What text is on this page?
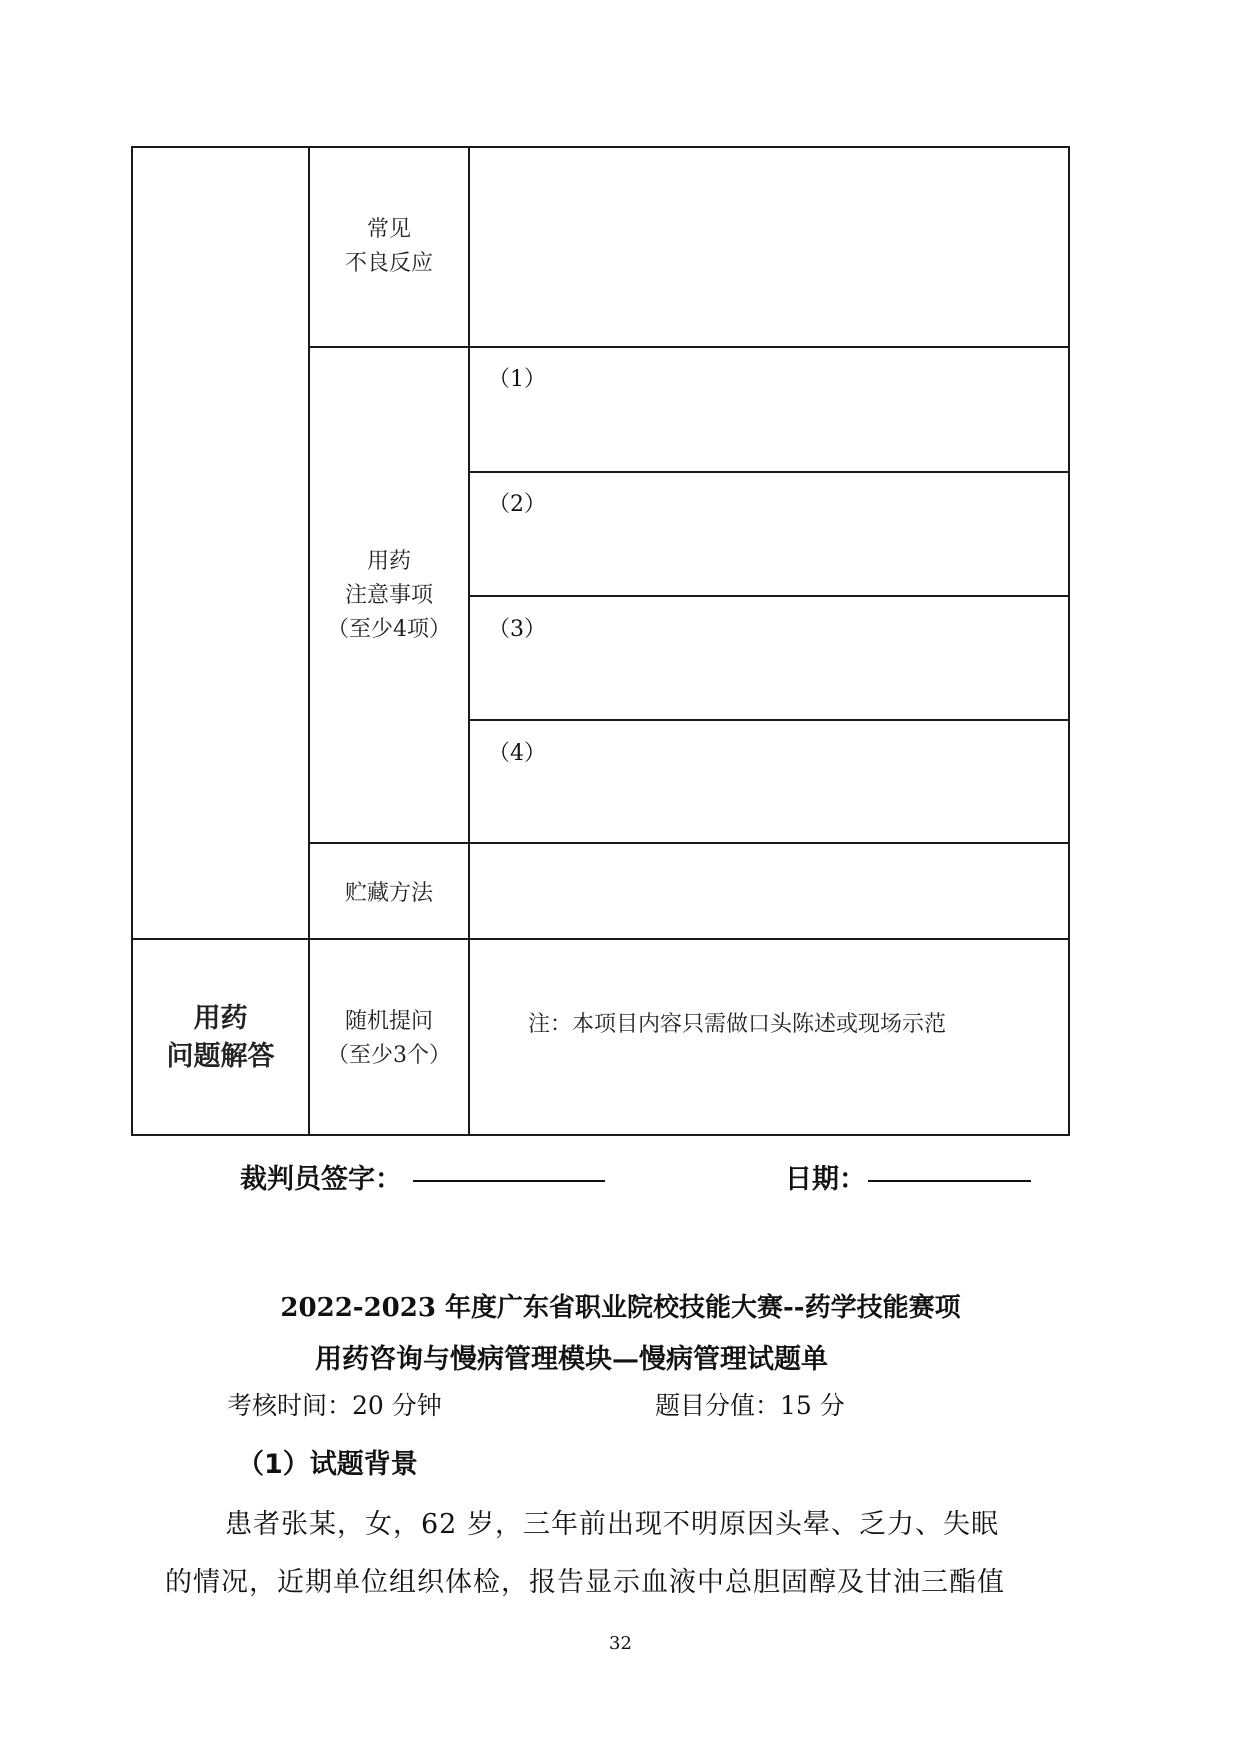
常见
不良反应
用药
注意事项
（至少4项）
贮藏方法
随机提问
（至少3个）
（1）
（2）
（3）
（4）
用药
问题解答
注：本项目内容只需做口头陈述或现场示范
裁判员签字：	日期：
2022-2023 年度广东省职业院校技能大赛--药学技能赛项
用药咨询与慢病管理模块—慢病管理试题单
考核时间：20 分钟	题目分值：15 分
（1）试题背景
患者张某，女，62 岁，三年前出现不明原因头晕、乏力、失眠
的情况，近期单位组织体检，报告显示血液中总胆固醇及甘油三酯值
32
